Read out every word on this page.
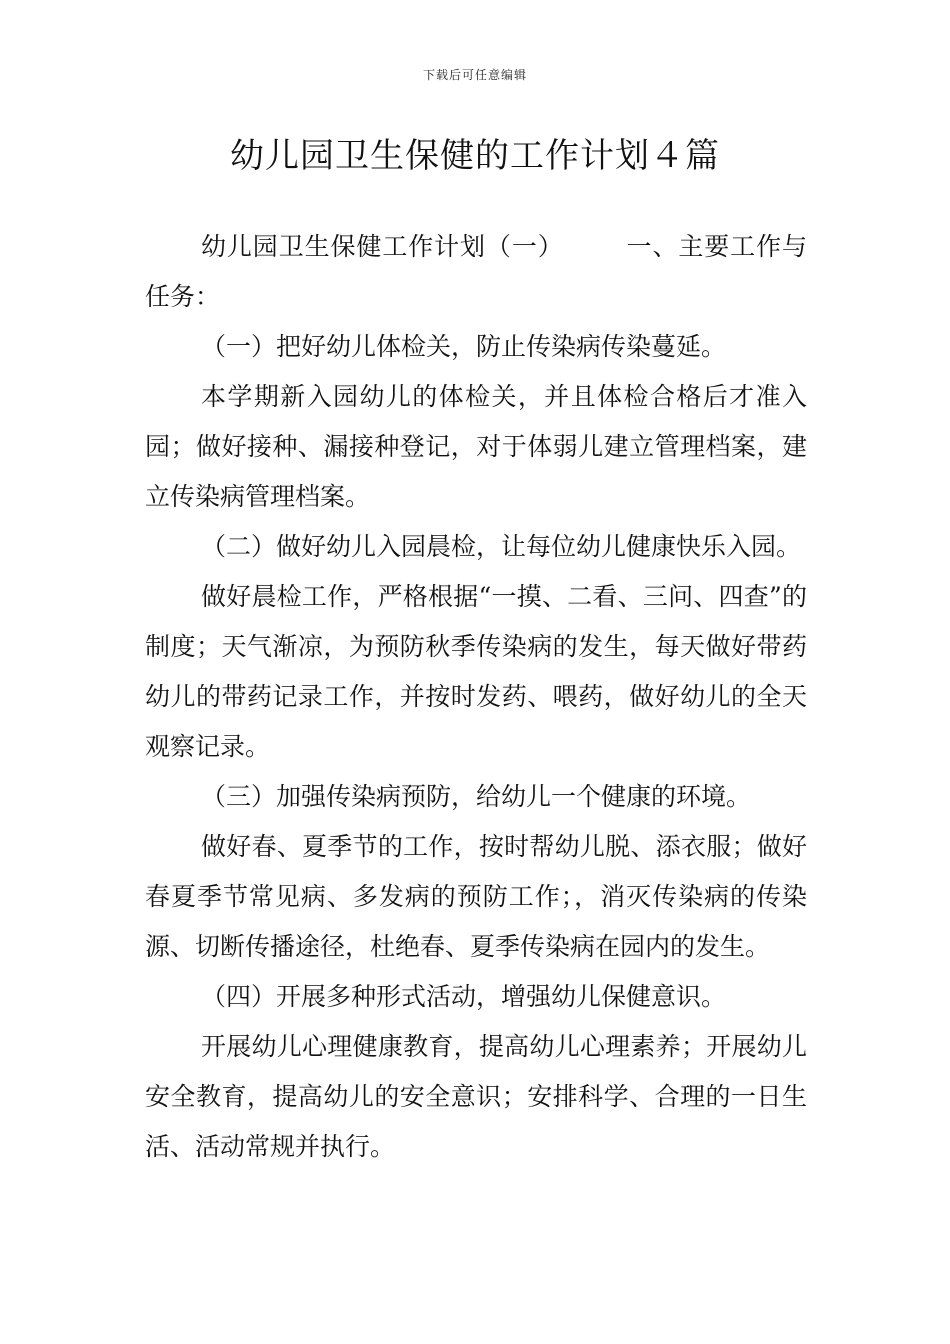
下载后可任意编辑
幼儿园卫生保健的工作计划４篇

幼儿园卫生保健工作计划（一） 一、主要工作与任务：

（一）把好幼儿体检关，防止传染病传染蔓延。

本学期新入园幼儿的体检关，并且体检合格后才准入园；做好接种、漏接种登记，对于体弱儿建立管理档案，建立传染病管理档案。

（二）做好幼儿入园晨检，让每位幼儿健康快乐入园。

做好晨检工作，严格根据“一摸、二看、三问、四查”的制度；天气渐凉，为预防秋季传染病的发生，每天做好带药幼儿的带药记录工作，并按时发药、喂药，做好幼儿的全天观察记录。

（三）加强传染病预防，给幼儿一个健康的环境。

做好春、夏季节的工作，按时帮幼儿脱、添衣服；做好春夏季节常见病、多发病的预防工作；，消灭传染病的传染源、切断传播途径，杜绝春、夏季传染病在园内的发生。

（四）开展多种形式活动，增强幼儿保健意识。

开展幼儿心理健康教育，提高幼儿心理素养；开展幼儿安全教育，提高幼儿的安全意识；安排科学、合理的一日生活、活动常规并执行。
